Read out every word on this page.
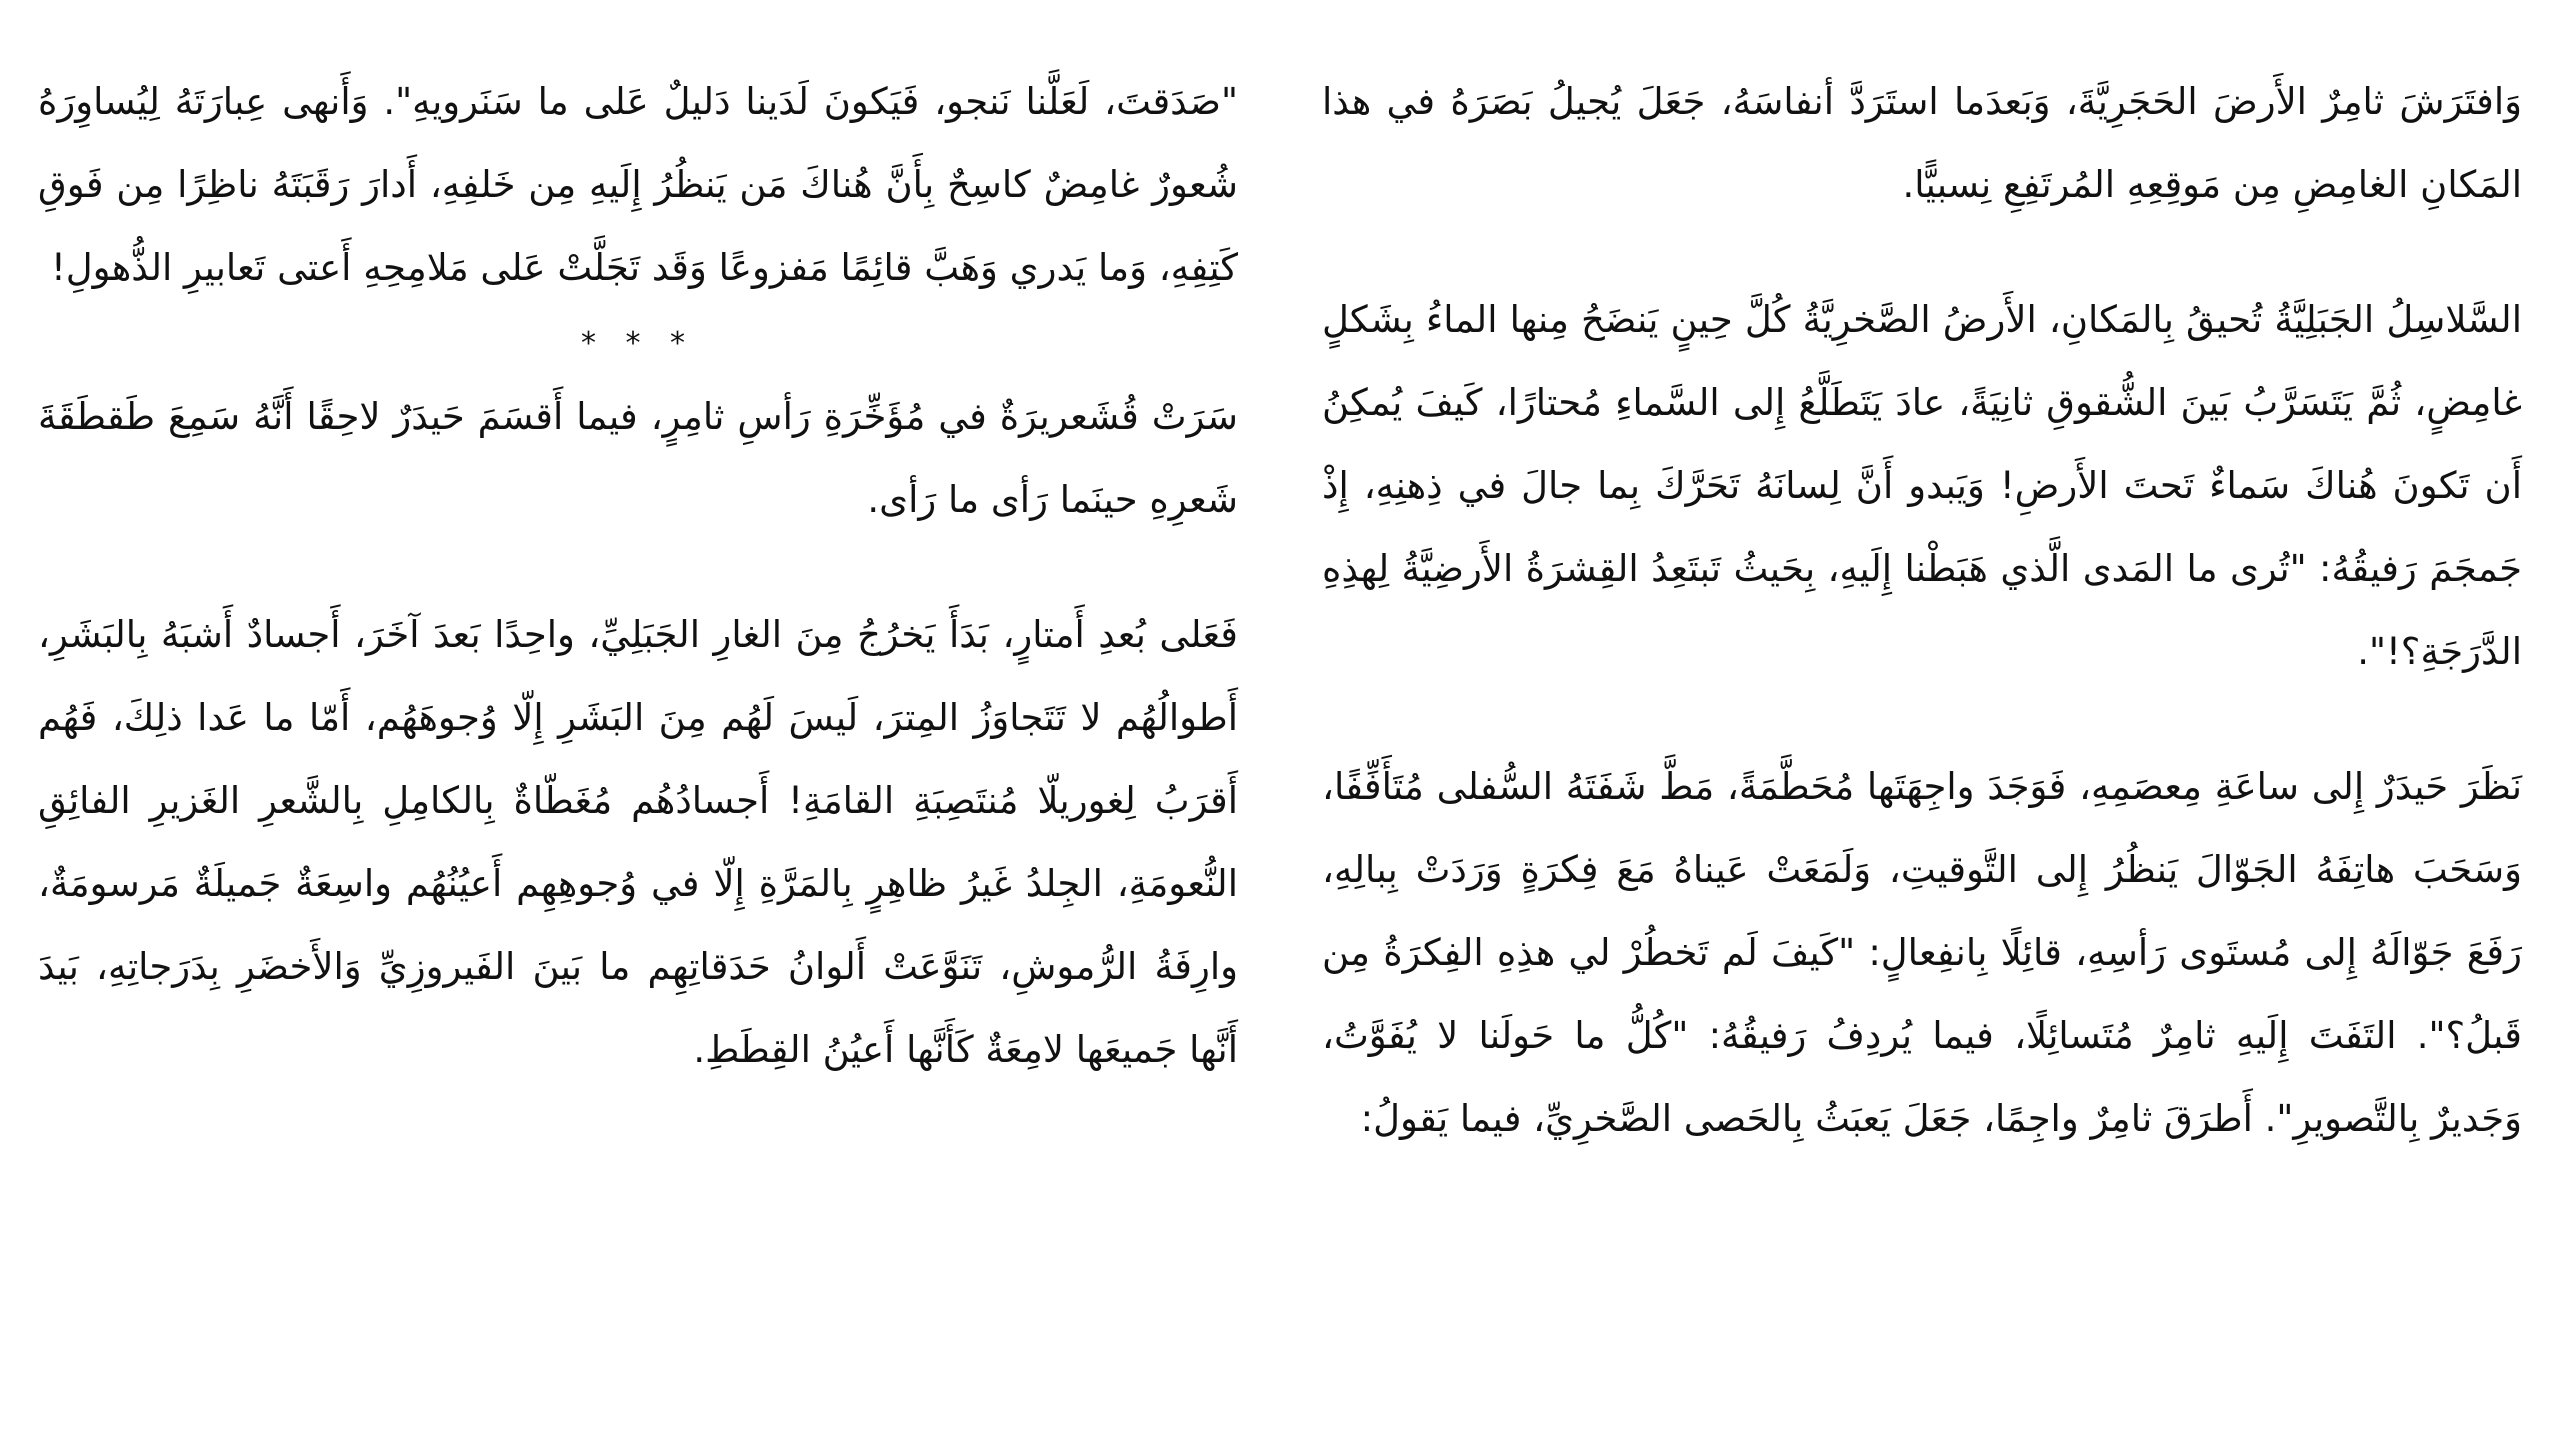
وَافتَرَشَ ثامِرٌ الأَرضَ الحَجَرِيَّةَ، وَبَعدَما استَرَدَّ أنفاسَهُ، جَعَلَ يُجيلُ بَصَرَهُ في هذا المَكانِ الغامِضِ مِن مَوقِعِهِ المُرتَفِعِ نِسبيًّا.

السَّلاسِلُ الجَبَلِيَّةُ تُحيقُ بِالمَكانِ، الأَرضُ الصَّخرِيَّةُ كُلَّ حِينٍ يَنضَحُ مِنها الماءُ بِشَكلٍ غامِضٍ، ثُمَّ يَتَسَرَّبُ بَينَ الشُّقوقِ ثانِيَةً، عادَ يَتَطَلَّعُ إِلى السَّماءِ مُحتارًا، كَيفَ يُمكِنُ أَن تَكونَ هُناكَ سَماءٌ تَحتَ الأَرضِ! وَيَبدو أَنَّ لِسانَهُ تَحَرَّكَ بِما جالَ في ذِهنِهِ، إِذْ جَمجَمَ رَفيقُهُ: "تُرى ما المَدى الَّذي هَبَطْنا إِلَيهِ، بِحَيثُ تَبتَعِدُ القِشرَةُ الأَرضِيَّةُ لِهذِهِ الدَّرَجَةِ؟!".

نَظَرَ حَيدَرٌ إِلى ساعَةِ مِعصَمِهِ، فَوَجَدَ واجِهَتَها مُحَطَّمَةً، مَطَّ شَفَتَهُ السُّفلى مُتَأَفِّفًا، وَسَحَبَ هاتِفَهُ الجَوّالَ يَنظُرُ إِلى التَّوقيتِ، وَلَمَعَتْ عَيناهُ مَعَ فِكرَةٍ وَرَدَتْ بِبالِهِ، رَفَعَ جَوّالَهُ إِلى مُستَوى رَأسِهِ، قائِلًا بِانفِعالٍ: "كَيفَ لَم تَخطُرْ لي هذِهِ الفِكرَةُ مِن قَبلُ؟". التَفَتَ إِلَيهِ ثامِرٌ مُتَسائِلًا، فيما يُردِفُ رَفيقُهُ: "كُلُّ ما حَولَنا لا يُفَوَّتُ، وَجَديرٌ بِالتَّصويرِ". أَطرَقَ ثامِرٌ واجِمًا، جَعَلَ يَعبَثُ بِالحَصى الصَّخرِيِّ، فيما يَقولُ:

"صَدَقتَ، لَعَلَّنا نَنجو، فَيَكونَ لَدَينا دَليلٌ عَلى ما سَنَرويهِ". وَأَنهى عِبارَتَهُ لِيُساوِرَهُ شُعورٌ غامِضٌ كاسِحٌ بِأَنَّ هُناكَ مَن يَنظُرُ إِلَيهِ مِن خَلفِهِ، أَدارَ رَقَبَتَهُ ناظِرًا مِن فَوقِ كَتِفِهِ، وَما يَدري وَهَبَّ قائِمًا مَفزوعًا وَقَد تَجَلَّتْ عَلى مَلامِحِهِ أَعتى تَعابيرِ الذُّهولِ!

* * *

سَرَتْ قُشَعريرَةٌ في مُؤَخِّرَةِ رَأسِ ثامِرٍ، فيما أَقسَمَ حَيدَرٌ لاحِقًا أَنَّهُ سَمِعَ طَقطَقَةَ شَعرِهِ حينَما رَأى ما رَأى.

فَعَلى بُعدِ أَمتارٍ، بَدَأَ يَخرُجُ مِنَ الغارِ الجَبَلِيِّ، واحِدًا بَعدَ آخَرَ، أَجسادٌ أَشبَهُ بِالبَشَرِ، أَطوالُهُم لا تَتَجاوَزُ المِترَ، لَيسَ لَهُم مِنَ البَشَرِ إِلّا وُجوهَهُم، أَمّا ما عَدا ذلِكَ، فَهُم أَقرَبُ لِغوريلّا مُنتَصِبَةِ القامَةِ! أَجسادُهُم مُغَطّاةٌ بِالكامِلِ بِالشَّعرِ الغَزيرِ الفائِقِ النُّعومَةِ، الجِلدُ غَيرُ ظاهِرٍ بِالمَرَّةِ إِلّا في وُجوهِهِم أَعيُنُهُم واسِعَةٌ جَميلَةٌ مَرسومَةٌ، وارِفَةُ الرُّموشِ، تَنَوَّعَتْ أَلوانُ حَدَقاتِهِم ما بَينَ الفَيروزِيِّ وَالأَخضَرِ بِدَرَجاتِهِ، بَيدَ أَنَّها جَميعَها لامِعَةٌ كَأَنَّها أَعيُنُ القِطَطِ.
